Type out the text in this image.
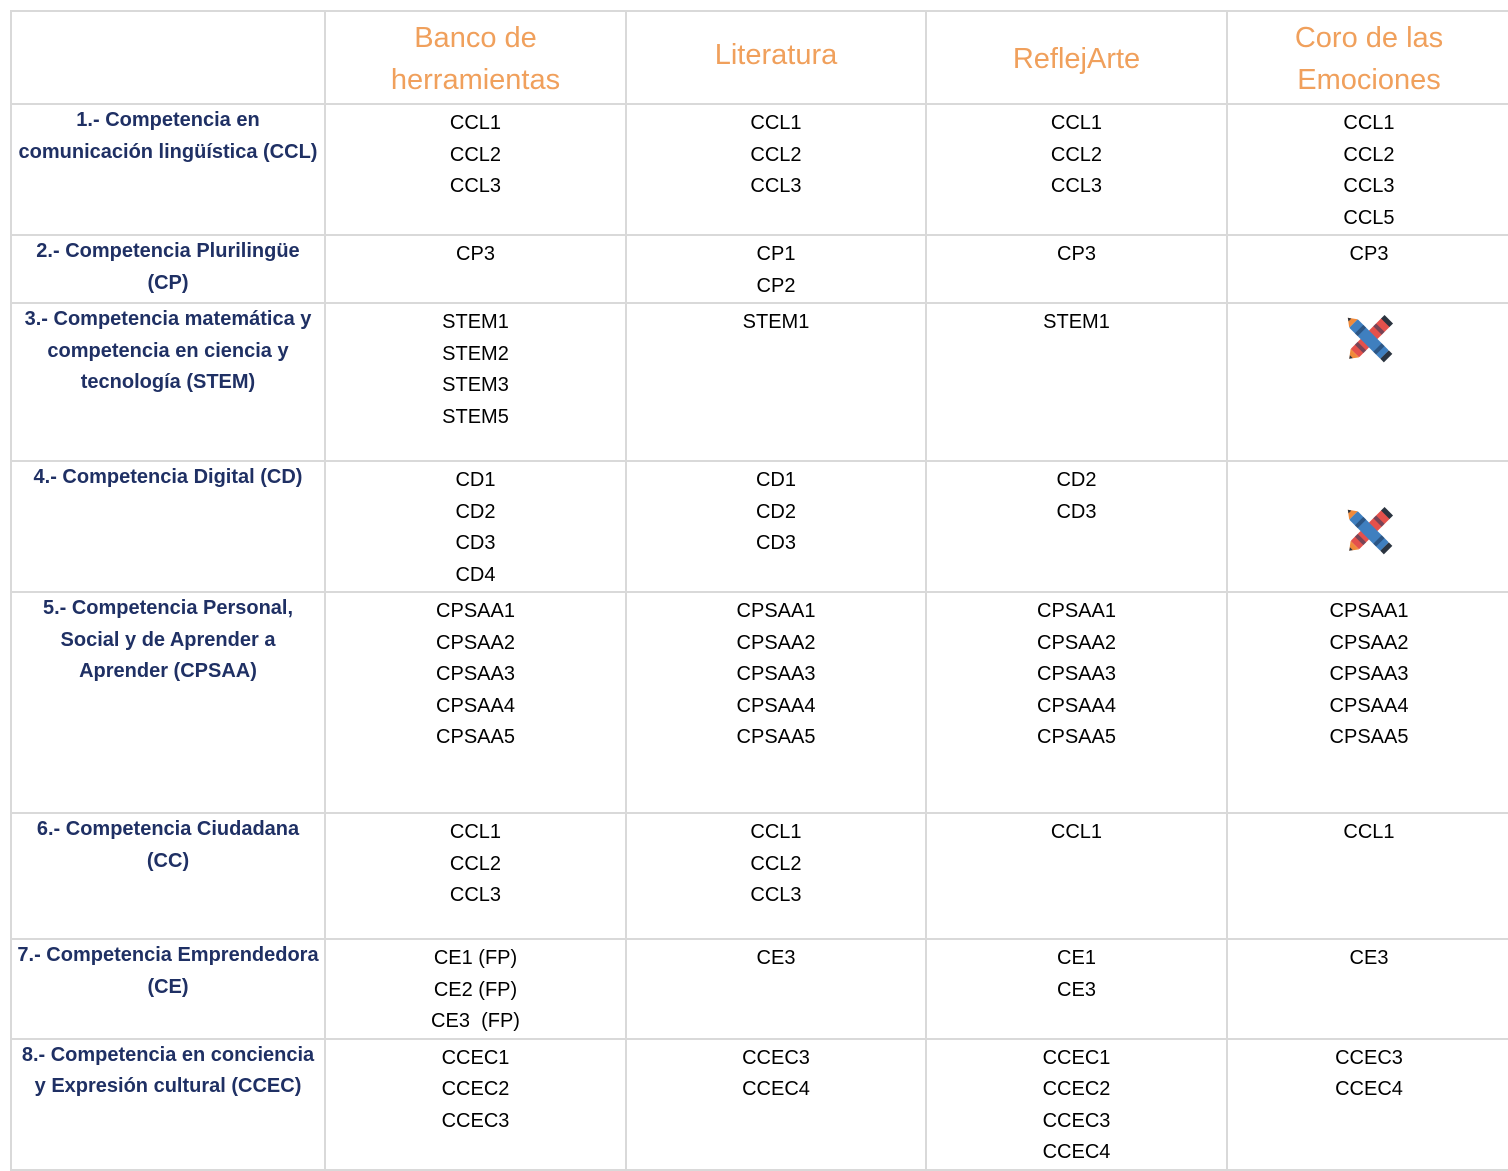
	Banco de herramientas	Literatura	ReflejArte	Coro de las Emociones
1.- Competencia en comunicación lingüística (CCL)	CCL1
CCL2
CCL3	CCL1
CCL2
CCL3	CCL1
CCL2
CCL3	CCL1
CCL2
CCL3
CCL5

2.- Competencia Plurilingüe (CP)	CP3	CP1
CP2	CP3	CP3

3.- Competencia matemática y competencia en ciencia y tecnología (STEM)	STEM1
STEM2
STEM3
STEM5	STEM1	STEM1

4.- Competencia Digital (CD)	CD1
CD2
CD3
CD4	CD1
CD2
CD3	CD2
CD3

5.- Competencia Personal, Social y de Aprender a Aprender (CPSAA)	CPSAA1
CPSAA2
CPSAA3
CPSAA4
CPSAA5	CPSAA1
CPSAA2
CPSAA3
CPSAA4
CPSAA5	CPSAA1
CPSAA2
CPSAA3
CPSAA4
CPSAA5	CPSAA1
CPSAA2
CPSAA3
CPSAA4
CPSAA5

6.- Competencia Ciudadana (CC)	CCL1
CCL2
CCL3	CCL1
CCL2
CCL3	CCL1	CCL1

7.- Competencia Emprendedora (CE)	CE1 (FP)
CE2 (FP)
CE3  (FP)	CE3	CE1
CE3	CE3

8.- Competencia en conciencia y Expresión cultural (CCEC)	CCEC1
CCEC2
CCEC3	CCEC3
CCEC4	CCEC1
CCEC2
CCEC3
CCEC4	CCEC3
CCEC4
